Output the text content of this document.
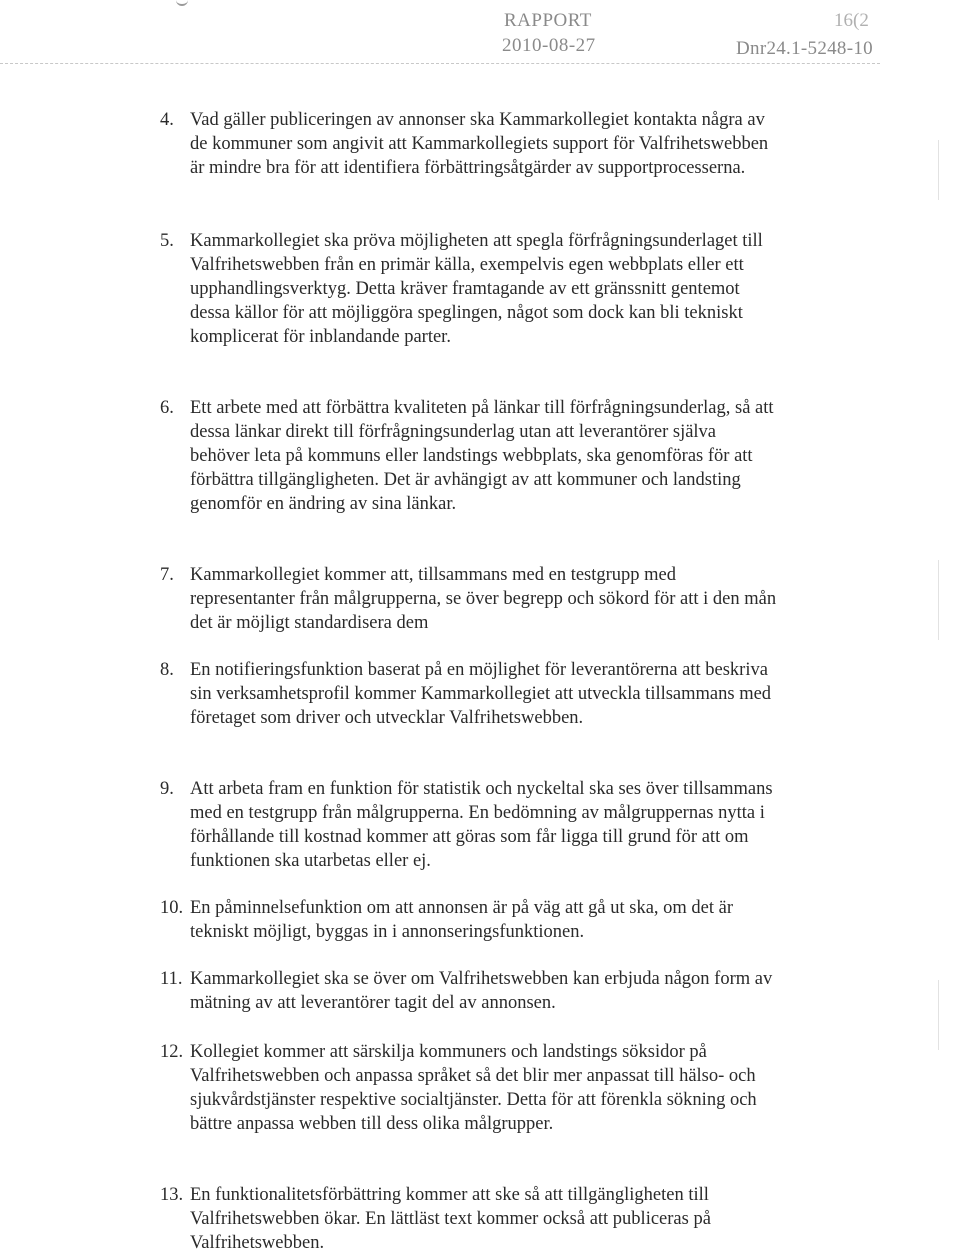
RAPPORT
2010-08-27
16(2
Dnr24.1-5248-10
4. Vad gäller publiceringen av annonser ska Kammarkollegiet kontakta några av de kommuner som angivit att Kammarkollegiets support för Valfrihetswebben är mindre bra för att identifiera förbättringsåtgärder av supportprocesserna.
5. Kammarkollegiet ska pröva möjligheten att spegla förfrågningsunderlaget till Valfrihetswebben från en primär källa, exempelvis egen webbplats eller ett upphandlingsverktyg. Detta kräver framtagande av ett gränssnitt gentemot dessa källor för att möjliggöra speglingen, något som dock kan bli tekniskt komplicerat för inblandande parter.
6. Ett arbete med att förbättra kvaliteten på länkar till förfrågningsunderlag, så att dessa länkar direkt till förfrågningsunderlag utan att leverantörer själva behöver leta på kommuns eller landstings webbplats, ska genomföras för att förbättra tillgängligheten. Det är avhängigt av att kommuner och landsting genomför en ändring av sina länkar.
7. Kammarkollegiet kommer att, tillsammans med en testgrupp med representanter från målgrupperna, se över begrepp och sökord för att i den mån det är möjligt standardisera dem
8. En notifieringsfunktion baserat på en möjlighet för leverantörerna att beskriva sin verksamhetsprofil kommer Kammarkollegiet att utveckla tillsammans med företaget som driver och utvecklar Valfrihetswebben.
9. Att arbeta fram en funktion för statistik och nyckeltal ska ses över tillsammans med en testgrupp från målgrupperna. En bedömning av målgruppernas nytta i förhållande till kostnad kommer att göras som får ligga till grund för att om funktionen ska utarbetas eller ej.
10. En påminnelsefunktion om att annonsen är på väg att gå ut ska, om det är tekniskt möjligt, byggas in i annonseringsfunktionen.
11. Kammarkollegiet ska se över om Valfrihetswebben kan erbjuda någon form av mätning av att leverantörer tagit del av annonsen.
12. Kollegiet kommer att särskilja kommuners och landstings söksidor på Valfrihetswebben och anpassa språket så det blir mer anpassat till hälso- och sjukvårdstjänster respektive socialtjänster. Detta för att förenkla sökning och bättre anpassa webben till dess olika målgrupper.
13. En funktionalitetsförbättring kommer att ske så att tillgängligheten till Valfrihetswebben ökar. En lättläst text kommer också att publiceras på Valfrihetswebben.
